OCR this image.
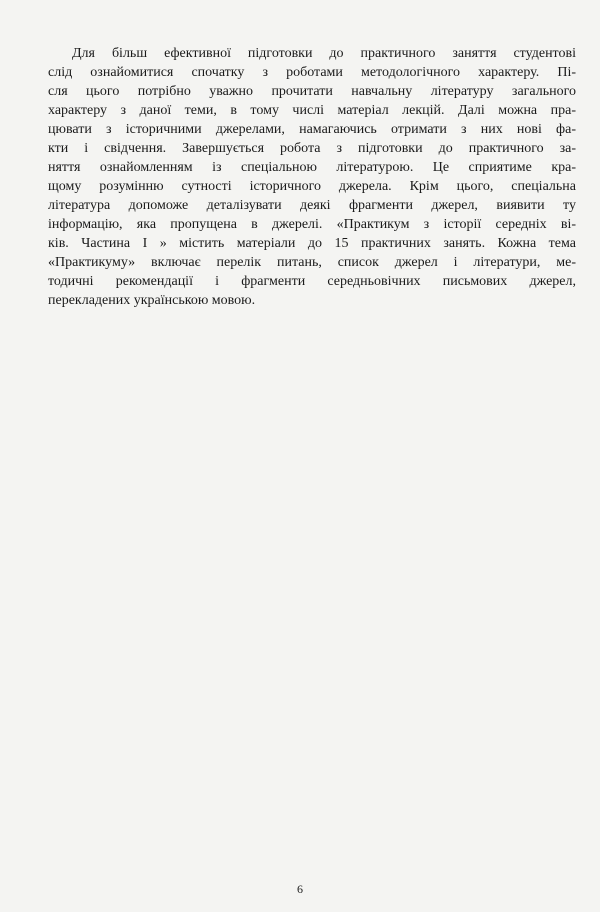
Для більш ефективної підготовки до практичного заняття студентові
слід ознайомитися спочатку з роботами методологічного характеру. Пі-
сля цього потрібно уважно прочитати навчальну літературу загального
характеру з даної теми, в тому числі матеріал лекцій. Далі можна пра-
цювати з історичними джерелами, намагаючись отримати з них нові фа-
кти і свідчення. Завершується робота з підготовки до практичного за-
няття ознайомленням із спеціальною літературою. Це сприятиме кра-
щому розумінню сутності історичного джерела. Крім цього, спеціальна
література допоможе деталізувати деякі фрагменти джерел, виявити ту
інформацію, яка пропущена в джерелі. «Практикум з історії середніх ві-
ків. Частина І » містить матеріали до 15 практичних занять. Кожна тема
«Практикуму» включає перелік питань, список джерел і літератури, ме-
тодичні рекомендації і фрагменти середньовічних письмових джерел,
перекладених українською мовою.
6
